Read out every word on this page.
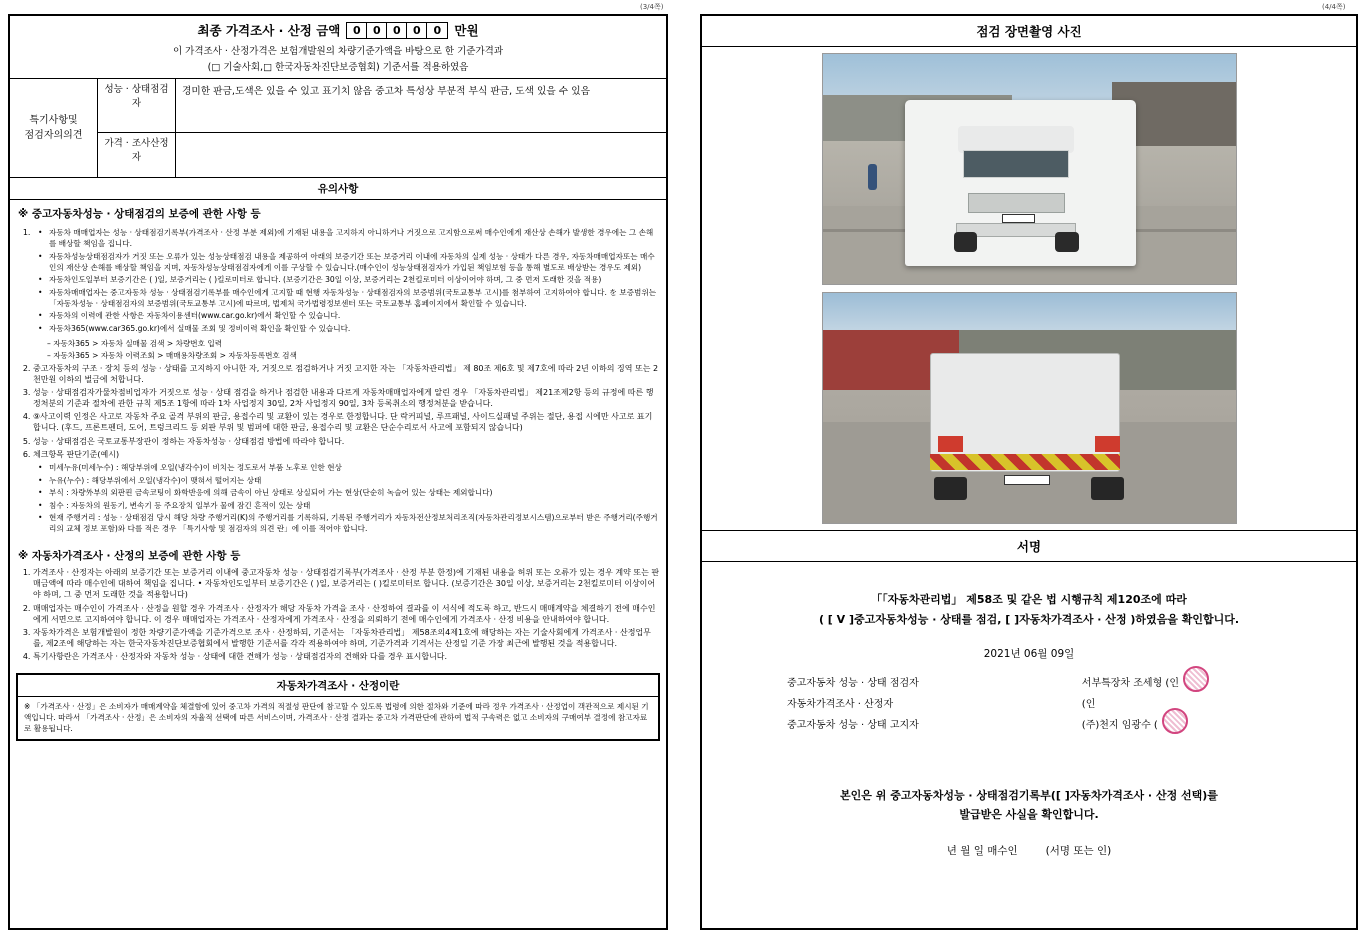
(3/4쪽)	(4/4쪽)
최종 가격조사 · 산정 금액	0	0	0	0	0	만원
이 가격조사 · 산정가격은 보험개발원의 차량기준가액을 바탕으로 한 기준가격과
(□ 기술사회,□ 한국자동차진단보증협회) 기준서를 적용하였음
특기사항및
점검자의의견
성능 · 상태점검자
경미한 판금,도색은 있을 수 있고 표기치 않음 중고차 특성상 부분적 부식 판금, 도색 있을 수 있음
가격 · 조사산정자
유의사항
※ 중고자동차성능 · 상태점검의 보증에 관한 사항 등
• 1. 자동차 매매업자는 성능 · 상태점검기록부(가격조사 · 산정 부분 제외)에 기재된 내용을 고지하지 아니하거나 거짓으로 고지함으로써 매수인에게 재산상 손해가 발생한 경우에는 그 손해를 배상할 책임을 집니다.
• 자동차성능상태점검자가 거짓 또는 오류가 있는 성능상태점검 내용을 제공하여 아래의 보증기간 또는 보증거리 이내에 자동차의 실제 성능 · 상태가 다른 경우, 자동차매매업자또는 매수인의 재산상 손해를 배상할 책임을 지며, 자동차성능상태점검자에게 이를 구상할 수 있습니다.(매수인이 성능상태점검자가 가입된 책임보험 등을 통해 별도로 배상받는 경우도 제외)
• 자동차인도일부터 보증기간은 ( )일, 보증거리는 ( )킬로미터로 합니다. (보증기간은 30일 이상, 보증거리는 2천킬로미터 이상이어야 하며, 그 중 먼저 도래한 것을 적용)
• 자동차매매업자는 중고자동차 성능 · 상태점검기록부를 매수인에게 고지할 때 현행 자동차성능 · 상태점검자의 보증범위(국토교통부 고시)를 첨부하여 고지하여야 합니다. を 보증범위는 「자동차성능 · 상태점검자의 보증범위(국토교통부 고시)에 따르며, 법제처 국가법령정보센터 또는 국토교통부 홈페이지에서 확인할 수 있습니다.
• 자동차의 이력에 관한 사항은 자동차이용센터(www.car.go.kr)에서 확인할 수 있습니다.
• 자동차365(www.car365.go.kr)에서 실매물 조회 및 정비이력 확인을 확인할 수 있습니다.
– 자동차365 > 자동차 실매물 검색 > 차량번호 입력
– 자동차365 > 자동차 이력조회 > 매매용차량조회 > 자동차등록번호 검색
2. 중고자동차의 구조 · 장치 등의 성능 · 상태를 고지하지 아니한 자, 거짓으로 점검하거나 거짓 고지한 자는 「자동차관리법」 제 80조 제6호 및 제7호에 따라 2년 이하의 징역 또는 2천만원 이하의 벌금에 처합니다.
3. 성능 · 상태점검자가물차점비업자가 거짓으로 성능 · 상태 점검을 하거나 점검한 내용과 다르게 자동차매매업자에게 알린 경우 「자동차관리법」 제21조제2항 등의 규정에 따른 행정처분의 기준과 절차에 관한 규칙 제5조 1항에 따라 1차 사업정지 30일, 2차 사업정지 90일, 3차 등록취소의 행정처분을 받습니다.
4. ⑨사고이력 인정은 사고로 자동차 주요 골격 부위의 판금, 용접수리 및 교환이 있는 경우로 한정합니다. 단 락커피널, 루프패널, 사이드실패널 주위는 절단, 용접 시에만 사고로 표기합니다. (후드, 프론트펜더, 도어, 트렁크리드 등 외판 부위 및 범퍼에 대한 판금, 용접수리 및 교환은 단순수리로서 사고에 포함되지 않습니다)
5. 성능 · 상태점검은 국토교통부장관이 정하는 자동차성능 · 상태점검 방법에 따라야 합니다.
6. 체크항목 판단기준(예시)
• 미세누유(미세누수) : 해당부위에 오일(냉각수)이 비치는 정도로서 부품 노후로 인한 현상
• 누유(누수) : 해당부위에서 오일(냉각수)이 맺혀서 떨어지는 상태
• 부식 : 차량外부의 외판핀 금속코팅이 화학반응에 의해 금속이 아닌 상태로 상실되어 가는 현상(단순히 녹슬어 있는 상태는 제외합니다)
• 침수 : 자동차의 원동기, 변속기 등 주요장치 일부가 물에 잠긴 흔적이 있는 상태
• 현재 주행거리 : 성능 · 상태점검 당시 해당 차량 주행거리(K)의 주행거리를 기록하되, 기록된 주행거리가 자동차전산정보처리조직(자동차관리정보시스템)으로부터 받은 주행거리(주행거리의 교체 정보 포함)와 다를 적은 경우 「특기사항 및 점검자의 의견 란」에 이를 적어야 합니다.
※ 자동차가격조사 · 산정의 보증에 관한 사항 등
1. 가격조사 · 산정자는 아래의 보증기간 또는 보증거리 이내에 중고자동차 성능 · 상태점검기록부(가격조사 · 산정 부분 한정)에 기재된 내용을 허위 또는 오류가 있는 경우 계약 또는 판매금액에 따라 매수인에 대하여 책임을 집니다. • 자동차인도일부터 보증기간은 ( )일, 보증거리는 ( )킬로미터로 합니다. (보증기간은 30일 이상, 보증거리는 2천킬로미터 이상이어야 하며, 그 중 먼저 도래한 것을 적용합니다)
2. 매매업자는 매수인이 가격조사 · 산정을 원할 경우 가격조사 · 산정자가 해당 자동차 가격을 조사 · 산정하여 결과를 이 서식에 적도록 하고, 반드시 매매계약을 체결하기 전에 매수인에게 서면으로 고지하여야 합니다. 이 경우 매매업자는 가격조사 · 산정자에게 가격조사 · 산정을 의뢰하기 전에 매수인에게 가격조사 · 산정 비용을 안내하여야 합니다.
3. 자동차가격은 보험개발원이 정한 차량기준가액을 기준가격으로 조사 · 산정하되, 기준서는 「자동차관리법」 제58조의4제1호에 해당하는 자는 기술사회에게 가격조사 · 산정업무를, 제2조에 해당하는 자는 한국자동차진단보증협회에서 발행한 기준서를 각각 적용하여야 하며, 기준가격과 기격서는 산정일 기준 가장 최근에 발행된 것을 적용합니다.
4. 특기사항란은 가격조사 · 산정자와 자동차 성능 · 상태에 대한 견해가 성능 · 상태점검자의 견해와 다를 경우 표시합니다.
자동차가격조사 · 산정이란
※ 「가격조사 · 산정」은 소비자가 매매계약을 체결함에 있어 중고차 가격의 적절성 판단에 참고할 수 있도록 법령에 의한 절차와 기준에 따라 정우 가격조사 · 산정업이 객관적으로 제시된 기액입니다. 따라서 「가격조사 · 산정」은 소비자의 자율적 선택에 따른 서비스이며, 가격조사 · 산정 결과는 중고차 가격판단에 관하여 법적 구속력은 없고 소비자의 구매여부 결정에 참고자료로 활용됩니다.
점검 장면촬영 사진
서명
「「자동차관리법」 제58조 및 같은 법 시행규칙 제120조에 따라
( [ V ]중고자동차성능 · 상태를 점검, [ ]자동차가격조사 · 산정 )하였음을 확인합니다.
2021년 06월 09일
중고자동차 성능 · 상태 점검자	서부특장차 조세형 (인
자동차가격조사 · 산정자	(인
중고자동차 성능 · 상태 고지자	(주)천지 임광수 (
본인은 위 중고자동차성능 · 상태점검기록부([ ]자동차가격조사 · 산정 선택)를
발급받은 사실을 확인합니다.
년 월 일 매수인	(서명 또는 인)
